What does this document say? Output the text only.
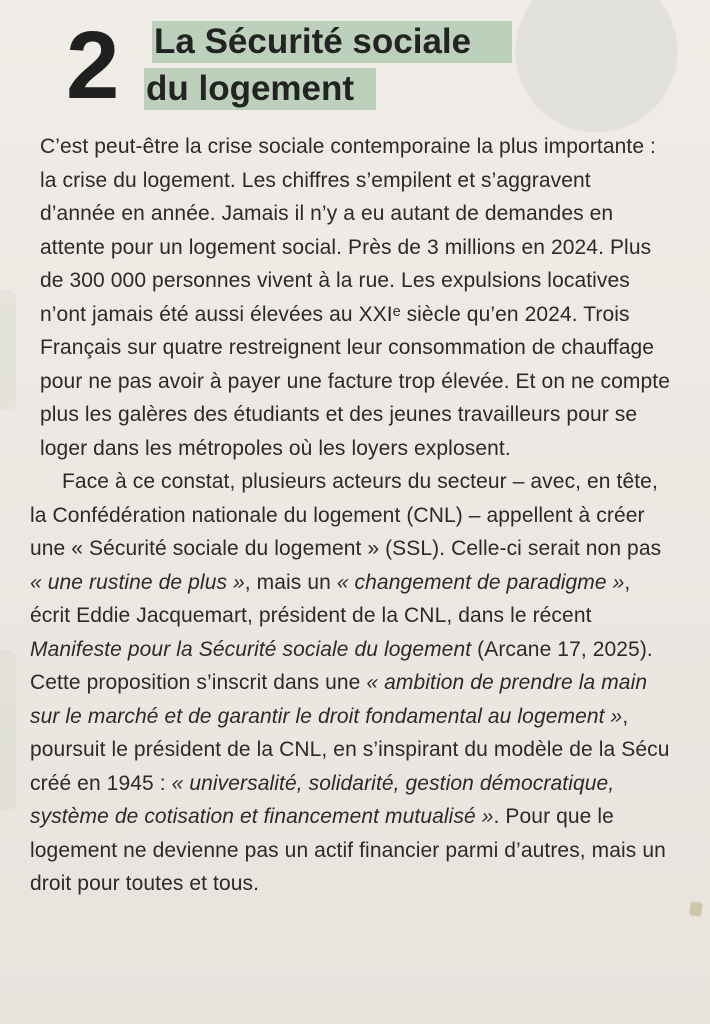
2 La Sécurité sociale
du logement

C’est peut-être la crise sociale contemporaine la plus importante : la crise du logement. Les chiffres s’empilent et s’aggravent d’année en année. Jamais il n’y a eu autant de demandes en attente pour un logement social. Près de 3 millions en 2024. Plus de 300 000 personnes vivent à la rue. Les expulsions locatives n’ont jamais été aussi élevées au XXIᵉ siècle qu’en 2024. Trois Français sur quatre restreignent leur consommation de chauffage pour ne pas avoir à payer une facture trop élevée. Et on ne compte plus les galères des étudiants et des jeunes travailleurs pour se loger dans les métropoles où les loyers explosent.

Face à ce constat, plusieurs acteurs du secteur – avec, en tête, la Confédération nationale du logement (CNL) – appellent à créer une « Sécurité sociale du logement » (SSL). Celle-ci serait non pas « une rustine de plus », mais un « changement de paradigme », écrit Eddie Jacquemart, président de la CNL, dans le récent Manifeste pour la Sécurité sociale du logement (Arcane 17, 2025). Cette proposition s’inscrit dans une « ambition de prendre la main sur le marché et de garantir le droit fondamental au logement », poursuit le président de la CNL, en s’inspirant du modèle de la Sécu créé en 1945 : « universalité, solidarité, gestion démocratique, système de cotisation et financement mutualisé ». Pour que le logement ne devienne pas un actif financier parmi d’autres, mais un droit pour toutes et tous.
